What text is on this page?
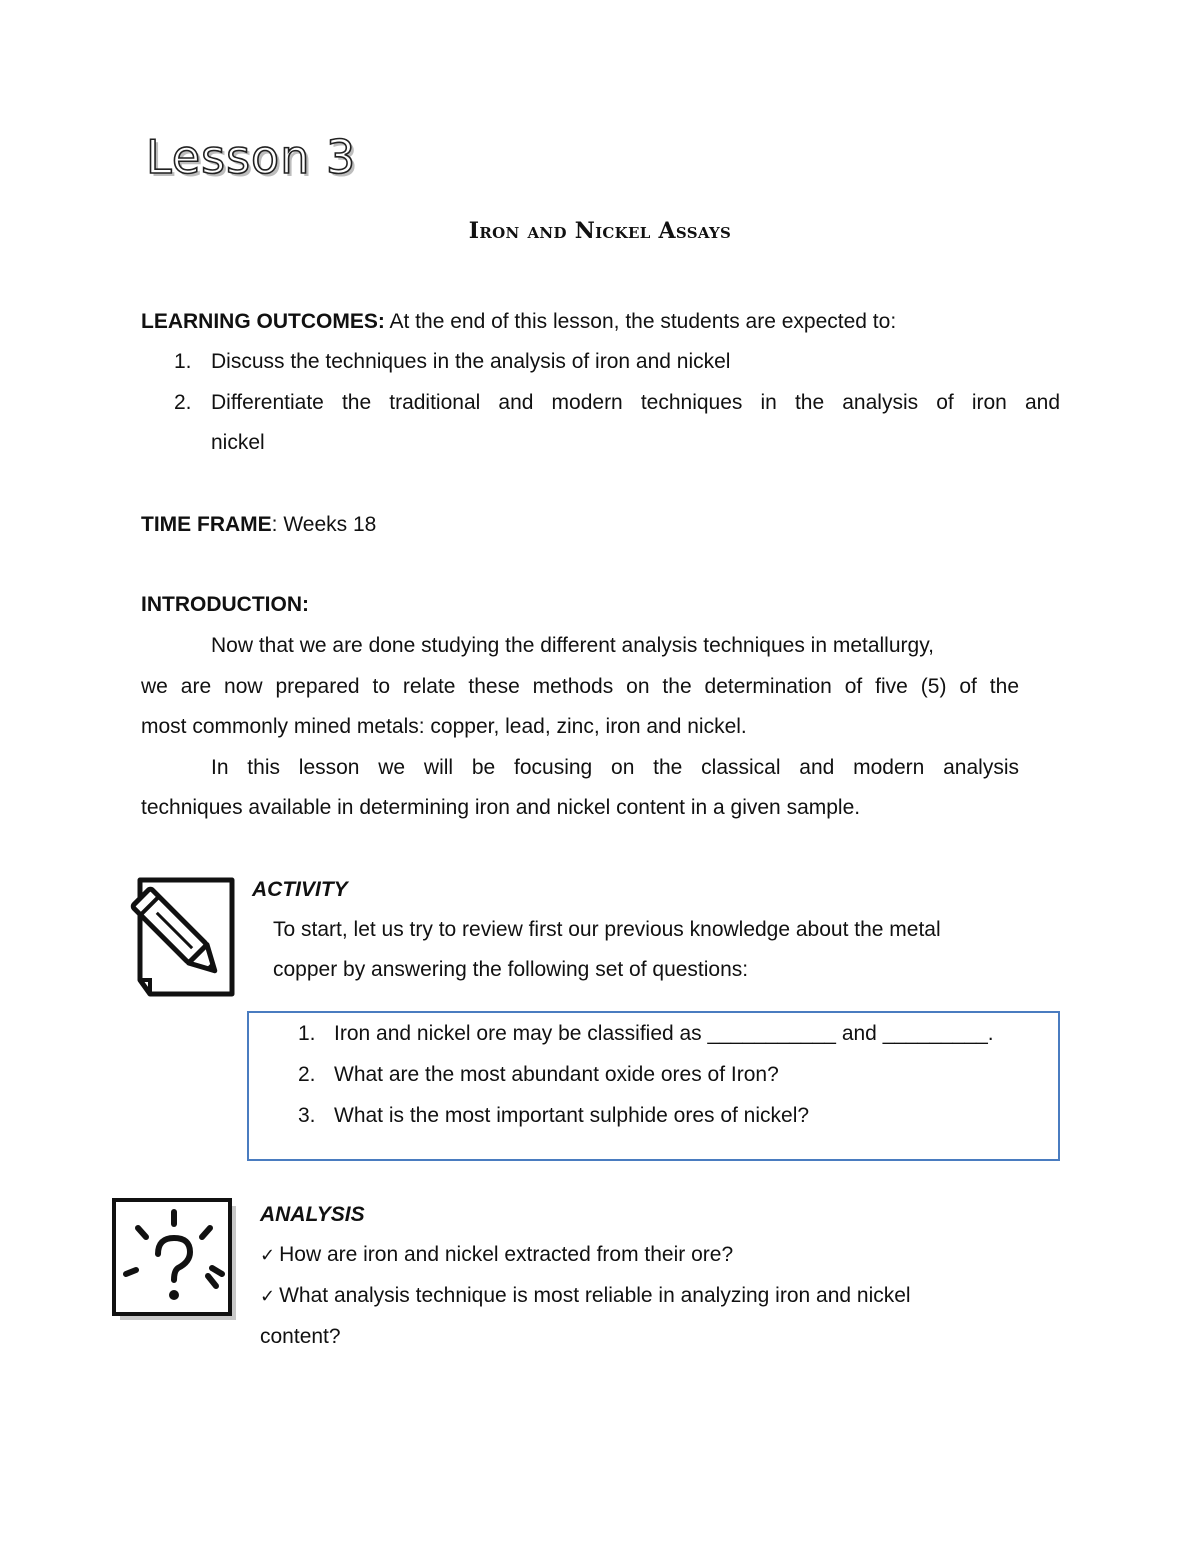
Lesson 3
Iron and Nickel Assays
LEARNING OUTCOMES: At the end of this lesson, the students are expected to:
1. Discuss the techniques in the analysis of iron and nickel
2. Differentiate the traditional and modern techniques in the analysis of iron and
nickel
TIME FRAME: Weeks 18
INTRODUCTION:
Now that we are done studying the different analysis techniques in metallurgy,
we are now prepared to relate these methods on the determination of five (5) of the
most commonly mined metals: copper, lead, zinc, iron and nickel.
In this lesson we will be focusing on the classical and modern analysis
techniques available in determining iron and nickel content in a given sample.
ACTIVITY
To start, let us try to review first our previous knowledge about the metal
copper by answering the following set of questions:
1. Iron and nickel ore may be classified as ___________ and _________.
2. What are the most abundant oxide ores of Iron?
3. What is the most important sulphide ores of nickel?
ANALYSIS
✓ How are iron and nickel extracted from their ore?
✓ What analysis technique is most reliable in analyzing iron and nickel
content?
